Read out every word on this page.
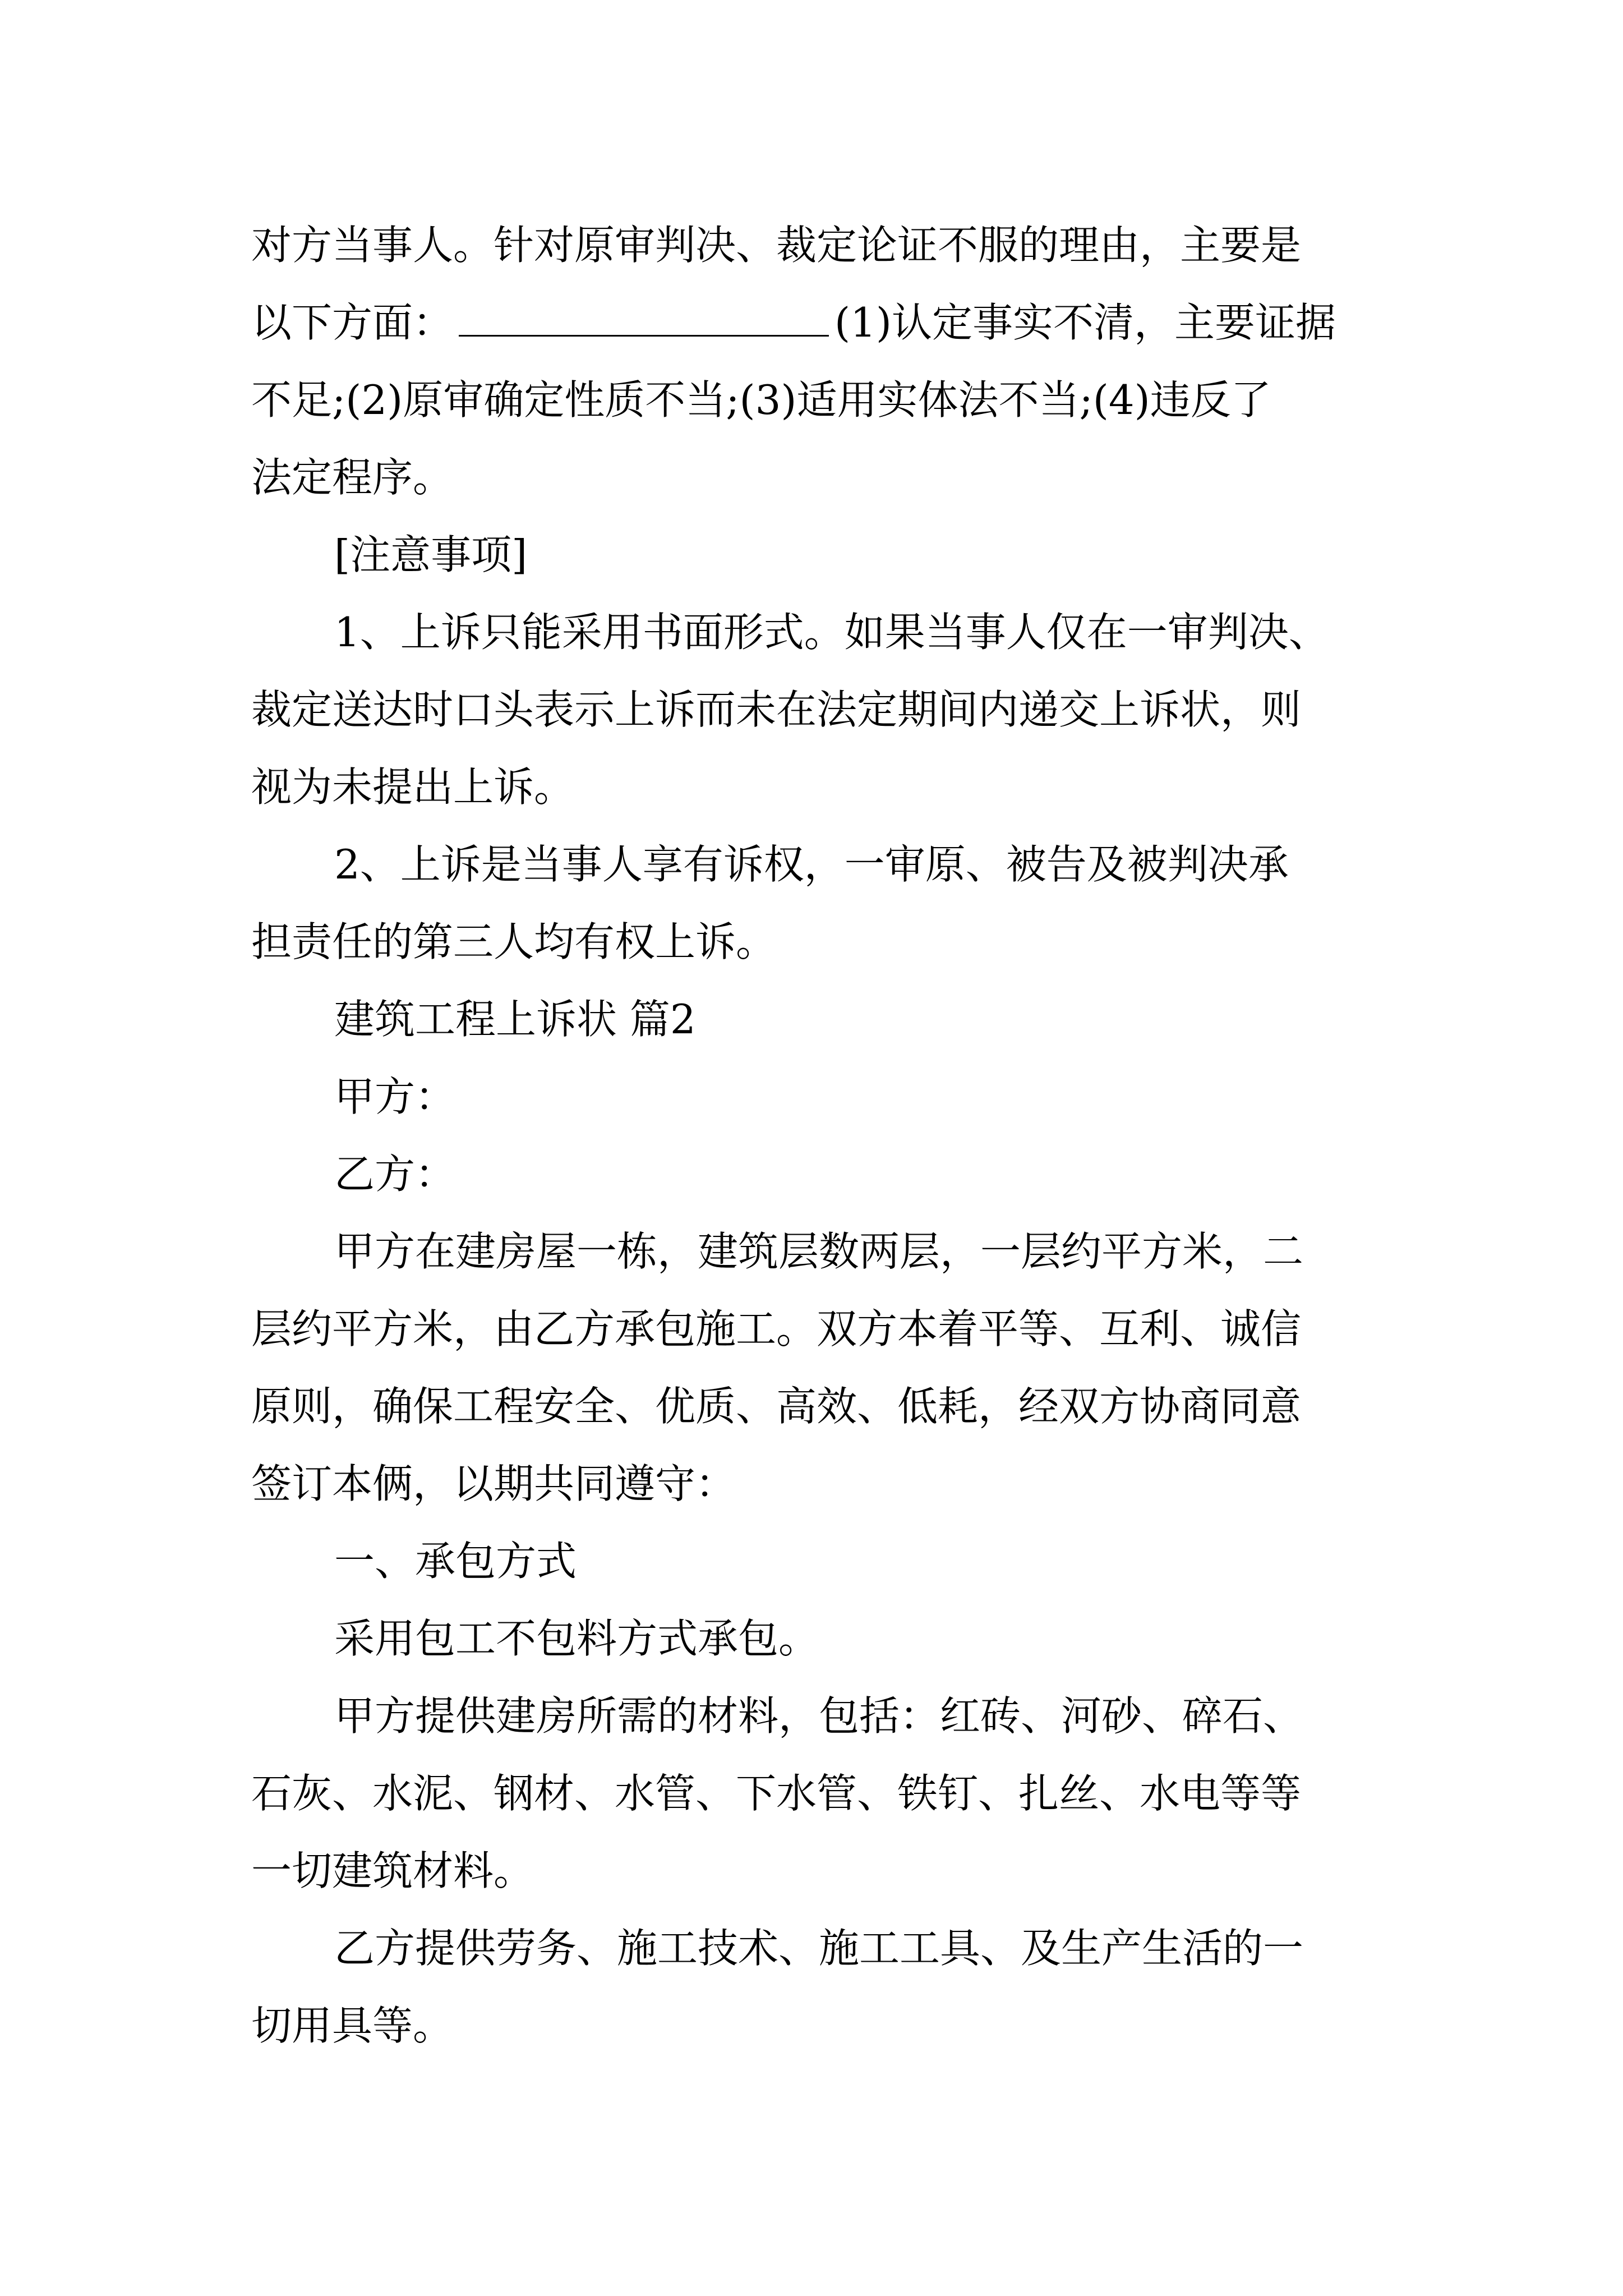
对方当事人。针对原审判决、裁定论证不服的理由，主要是
以下方面：	(1)认定事实不清，主要证据
不足;(2)原审确定性质不当;(3)适用实体法不当;(4)违反了
法定程序。

[注意事项]

1、上诉只能采用书面形式。如果当事人仅在一审判决、
裁定送达时口头表示上诉而未在法定期间内递交上诉状，则
视为未提出上诉。

2、上诉是当事人享有诉权，一审原、被告及被判决承
担责任的第三人均有权上诉。

建筑工程上诉状 篇2

甲方：

乙方：

甲方在建房屋一栋，建筑层数两层，一层约平方米，二
层约平方米，由乙方承包施工。双方本着平等、互利、诚信
原则，确保工程安全、优质、高效、低耗，经双方协商同意
签订本俩，以期共同遵守：

一、承包方式

采用包工不包料方式承包。

甲方提供建房所需的材料，包括：红砖、河砂、碎石、
石灰、水泥、钢材、水管、下水管、铁钉、扎丝、水电等等
一切建筑材料。

乙方提供劳务、施工技术、施工工具、及生产生活的一
切用具等。
